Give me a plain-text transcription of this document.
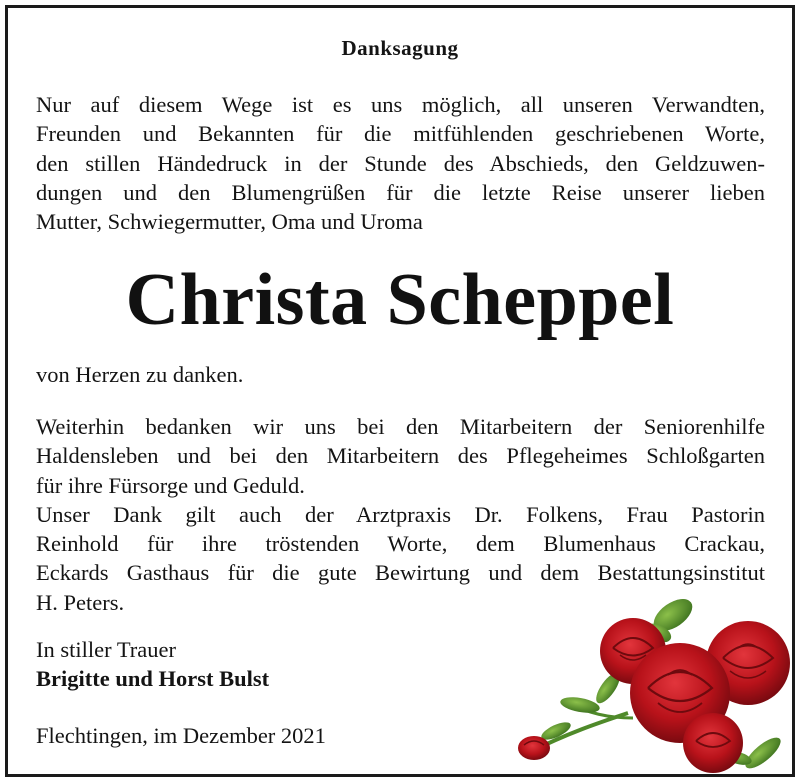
Danksagung
Nur auf diesem Wege ist es uns möglich, all unseren Verwandten,
Freunden und Bekannten für die mitfühlenden geschriebenen Worte,
den stillen Händedruck in der Stunde des Abschieds, den Geldzuwen-
dungen und den Blumengrüßen für die letzte Reise unserer lieben
Mutter, Schwiegermutter, Oma und Uroma
Christa Scheppel
von Herzen zu danken.
Weiterhin bedanken wir uns bei den Mitarbeitern der Seniorenhilfe
Haldensleben und bei den Mitarbeitern des Pflegeheimes Schloßgarten
für ihre Fürsorge und Geduld.
Unser Dank gilt auch der Arztpraxis Dr. Folkens, Frau Pastorin
Reinhold für ihre tröstenden Worte, dem Blumenhaus Crackau,
Eckards Gasthaus für die gute Bewirtung und dem Bestattungsinstitut
H. Peters.
In stiller Trauer
Brigitte und Horst Bulst
Flechtingen, im Dezember 2021
